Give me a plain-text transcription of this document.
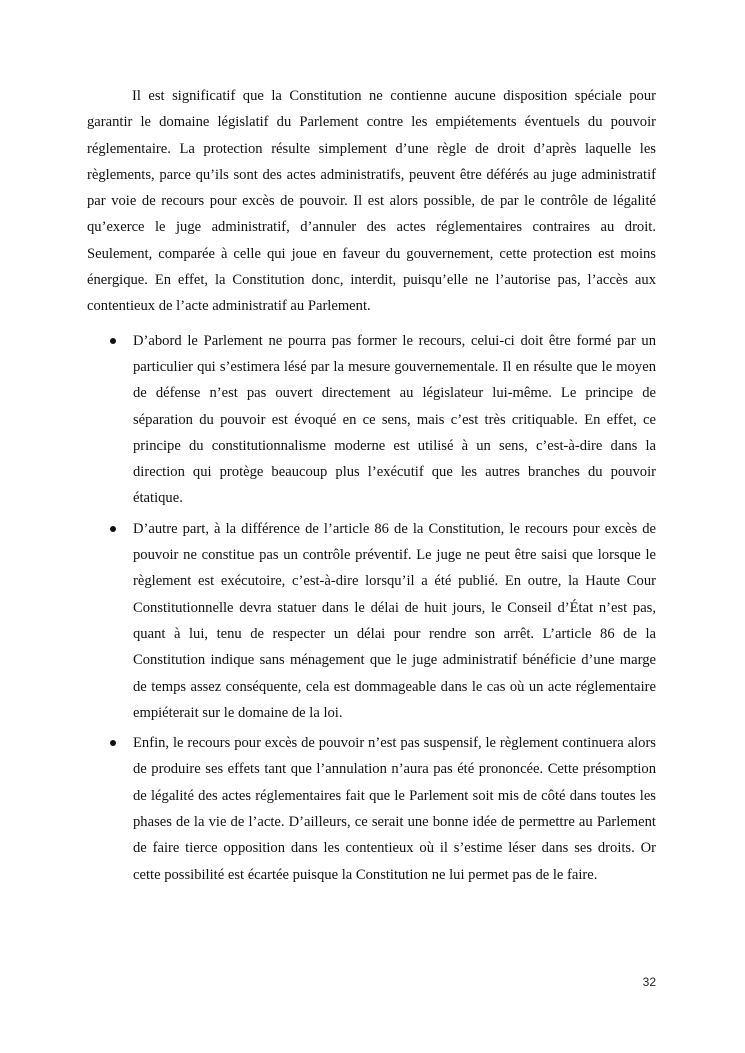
Il est significatif que la Constitution ne contienne aucune disposition spéciale pour garantir le domaine législatif du Parlement contre les empiétements éventuels du pouvoir réglementaire. La protection résulte simplement d’une règle de droit d’après laquelle les règlements, parce qu’ils sont des actes administratifs, peuvent être déférés au juge administratif par voie de recours pour excès de pouvoir. Il est alors possible, de par le contrôle de légalité qu’exerce le juge administratif, d’annuler des actes réglementaires contraires au droit. Seulement, comparée à celle qui joue en faveur du gouvernement, cette protection est moins énergique. En effet, la Constitution donc, interdit, puisqu’elle ne l’autorise pas, l’accès aux contentieux de l’acte administratif au Parlement.

D’abord le Parlement ne pourra pas former le recours, celui-ci doit être formé par un particulier qui s’estimera lésé par la mesure gouvernementale. Il en résulte que le moyen de défense n’est pas ouvert directement au législateur lui-même. Le principe de séparation du pouvoir est évoqué en ce sens, mais c’est très critiquable. En effet, ce principe du constitutionnalisme moderne est utilisé à un sens, c’est-à-dire dans la direction qui protège beaucoup plus l’exécutif que les autres branches du pouvoir étatique.
D’autre part, à la différence de l’article 86 de la Constitution, le recours pour excès de pouvoir ne constitue pas un contrôle préventif. Le juge ne peut être saisi que lorsque le règlement est exécutoire, c’est-à-dire lorsqu’il a été publié. En outre, la Haute Cour Constitutionnelle devra statuer dans le délai de huit jours, le Conseil d’État n’est pas, quant à lui, tenu de respecter un délai pour rendre son arrêt. L’article 86 de la Constitution indique sans ménagement que le juge administratif bénéficie d’une marge de temps assez conséquente, cela est dommageable dans le cas où un acte réglementaire empiéterait sur le domaine de la loi.
Enfin, le recours pour excès de pouvoir n’est pas suspensif, le règlement continuera alors de produire ses effets tant que l’annulation n’aura pas été prononcée. Cette présomption de légalité des actes réglementaires fait que le Parlement soit mis de côté dans toutes les phases de la vie de l’acte. D’ailleurs, ce serait une bonne idée de permettre au Parlement de faire tierce opposition dans les contentieux où il s’estime léser dans ses droits. Or cette possibilité est écartée puisque la Constitution ne lui permet pas de le faire.
32
